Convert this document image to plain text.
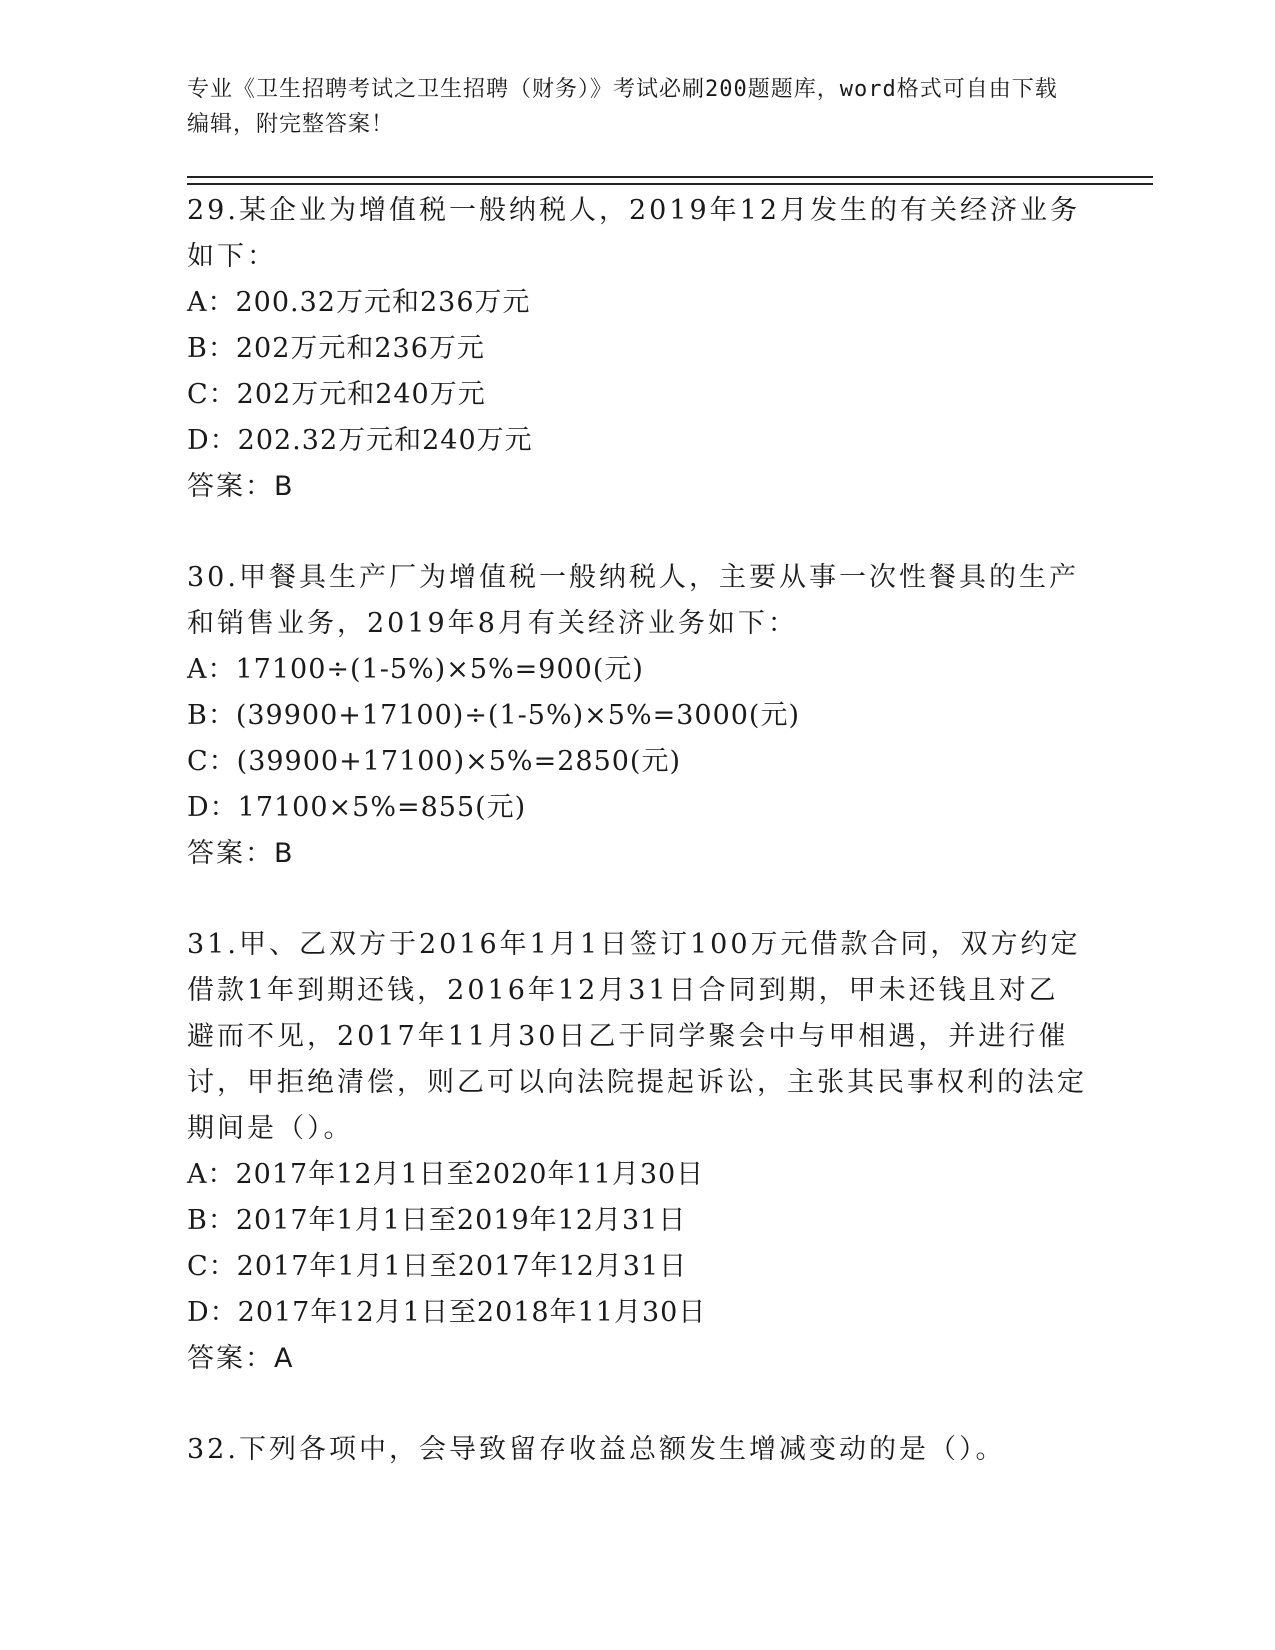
专业《卫生招聘考试之卫生招聘（财务）》考试必刷200题题库，word格式可自由下载编辑，附完整答案！
29.某企业为增值税一般纳税人，2019年12月发生的有关经济业务如下：
A：200.32万元和236万元
B：202万元和236万元
C：202万元和240万元
D：202.32万元和240万元
答案：B
30.甲餐具生产厂为增值税一般纳税人，主要从事一次性餐具的生产和销售业务，2019年8月有关经济业务如下：
A：17100÷(1-5%)×5%=900(元)
B：(39900+17100)÷(1-5%)×5%=3000(元)
C：(39900+17100)×5%=2850(元)
D：17100×5%=855(元)
答案：B
31.甲、乙双方于2016年1月1日签订100万元借款合同，双方约定借款1年到期还钱，2016年12月31日合同到期，甲未还钱且对乙避而不见，2017年11月30日乙于同学聚会中与甲相遇，并进行催讨，甲拒绝清偿，则乙可以向法院提起诉讼，主张其民事权利的法定期间是（）。
A：2017年12月1日至2020年11月30日
B：2017年1月1日至2019年12月31日
C：2017年1月1日至2017年12月31日
D：2017年12月1日至2018年11月30日
答案：A
32.下列各项中，会导致留存收益总额发生增减变动的是（）。
